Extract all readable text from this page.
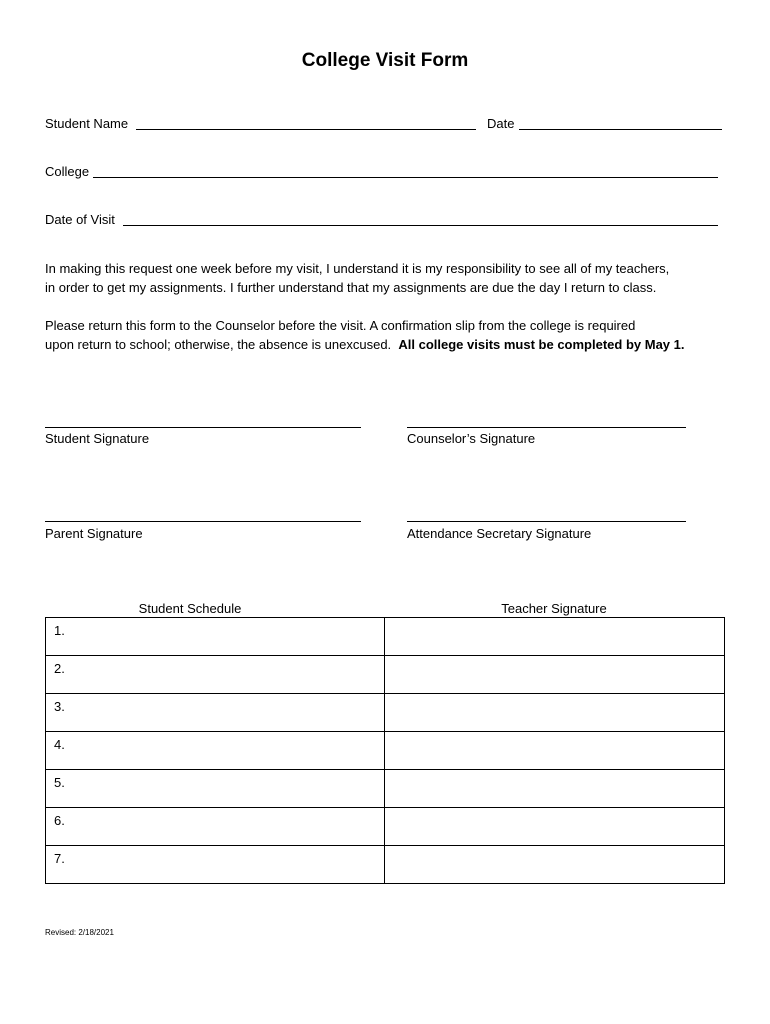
College Visit Form
Student Name	Date
College
Date of Visit
In making this request one week before my visit, I understand it is my responsibility to see all of my teachers,
in order to get my assignments. I further understand that my assignments are due the day I return to class.
Please return this form to the Counselor before the visit. A confirmation slip from the college is required
upon return to school; otherwise, the absence is unexcused.  All college visits must be completed by May 1.
Student Signature	Counselor’s Signature
Parent Signature	Attendance Secretary Signature
Student Schedule	Teacher Signature
1.	
2.	
3.	
4.	
5.	
6.	
7.	
Revised: 2/18/2021
